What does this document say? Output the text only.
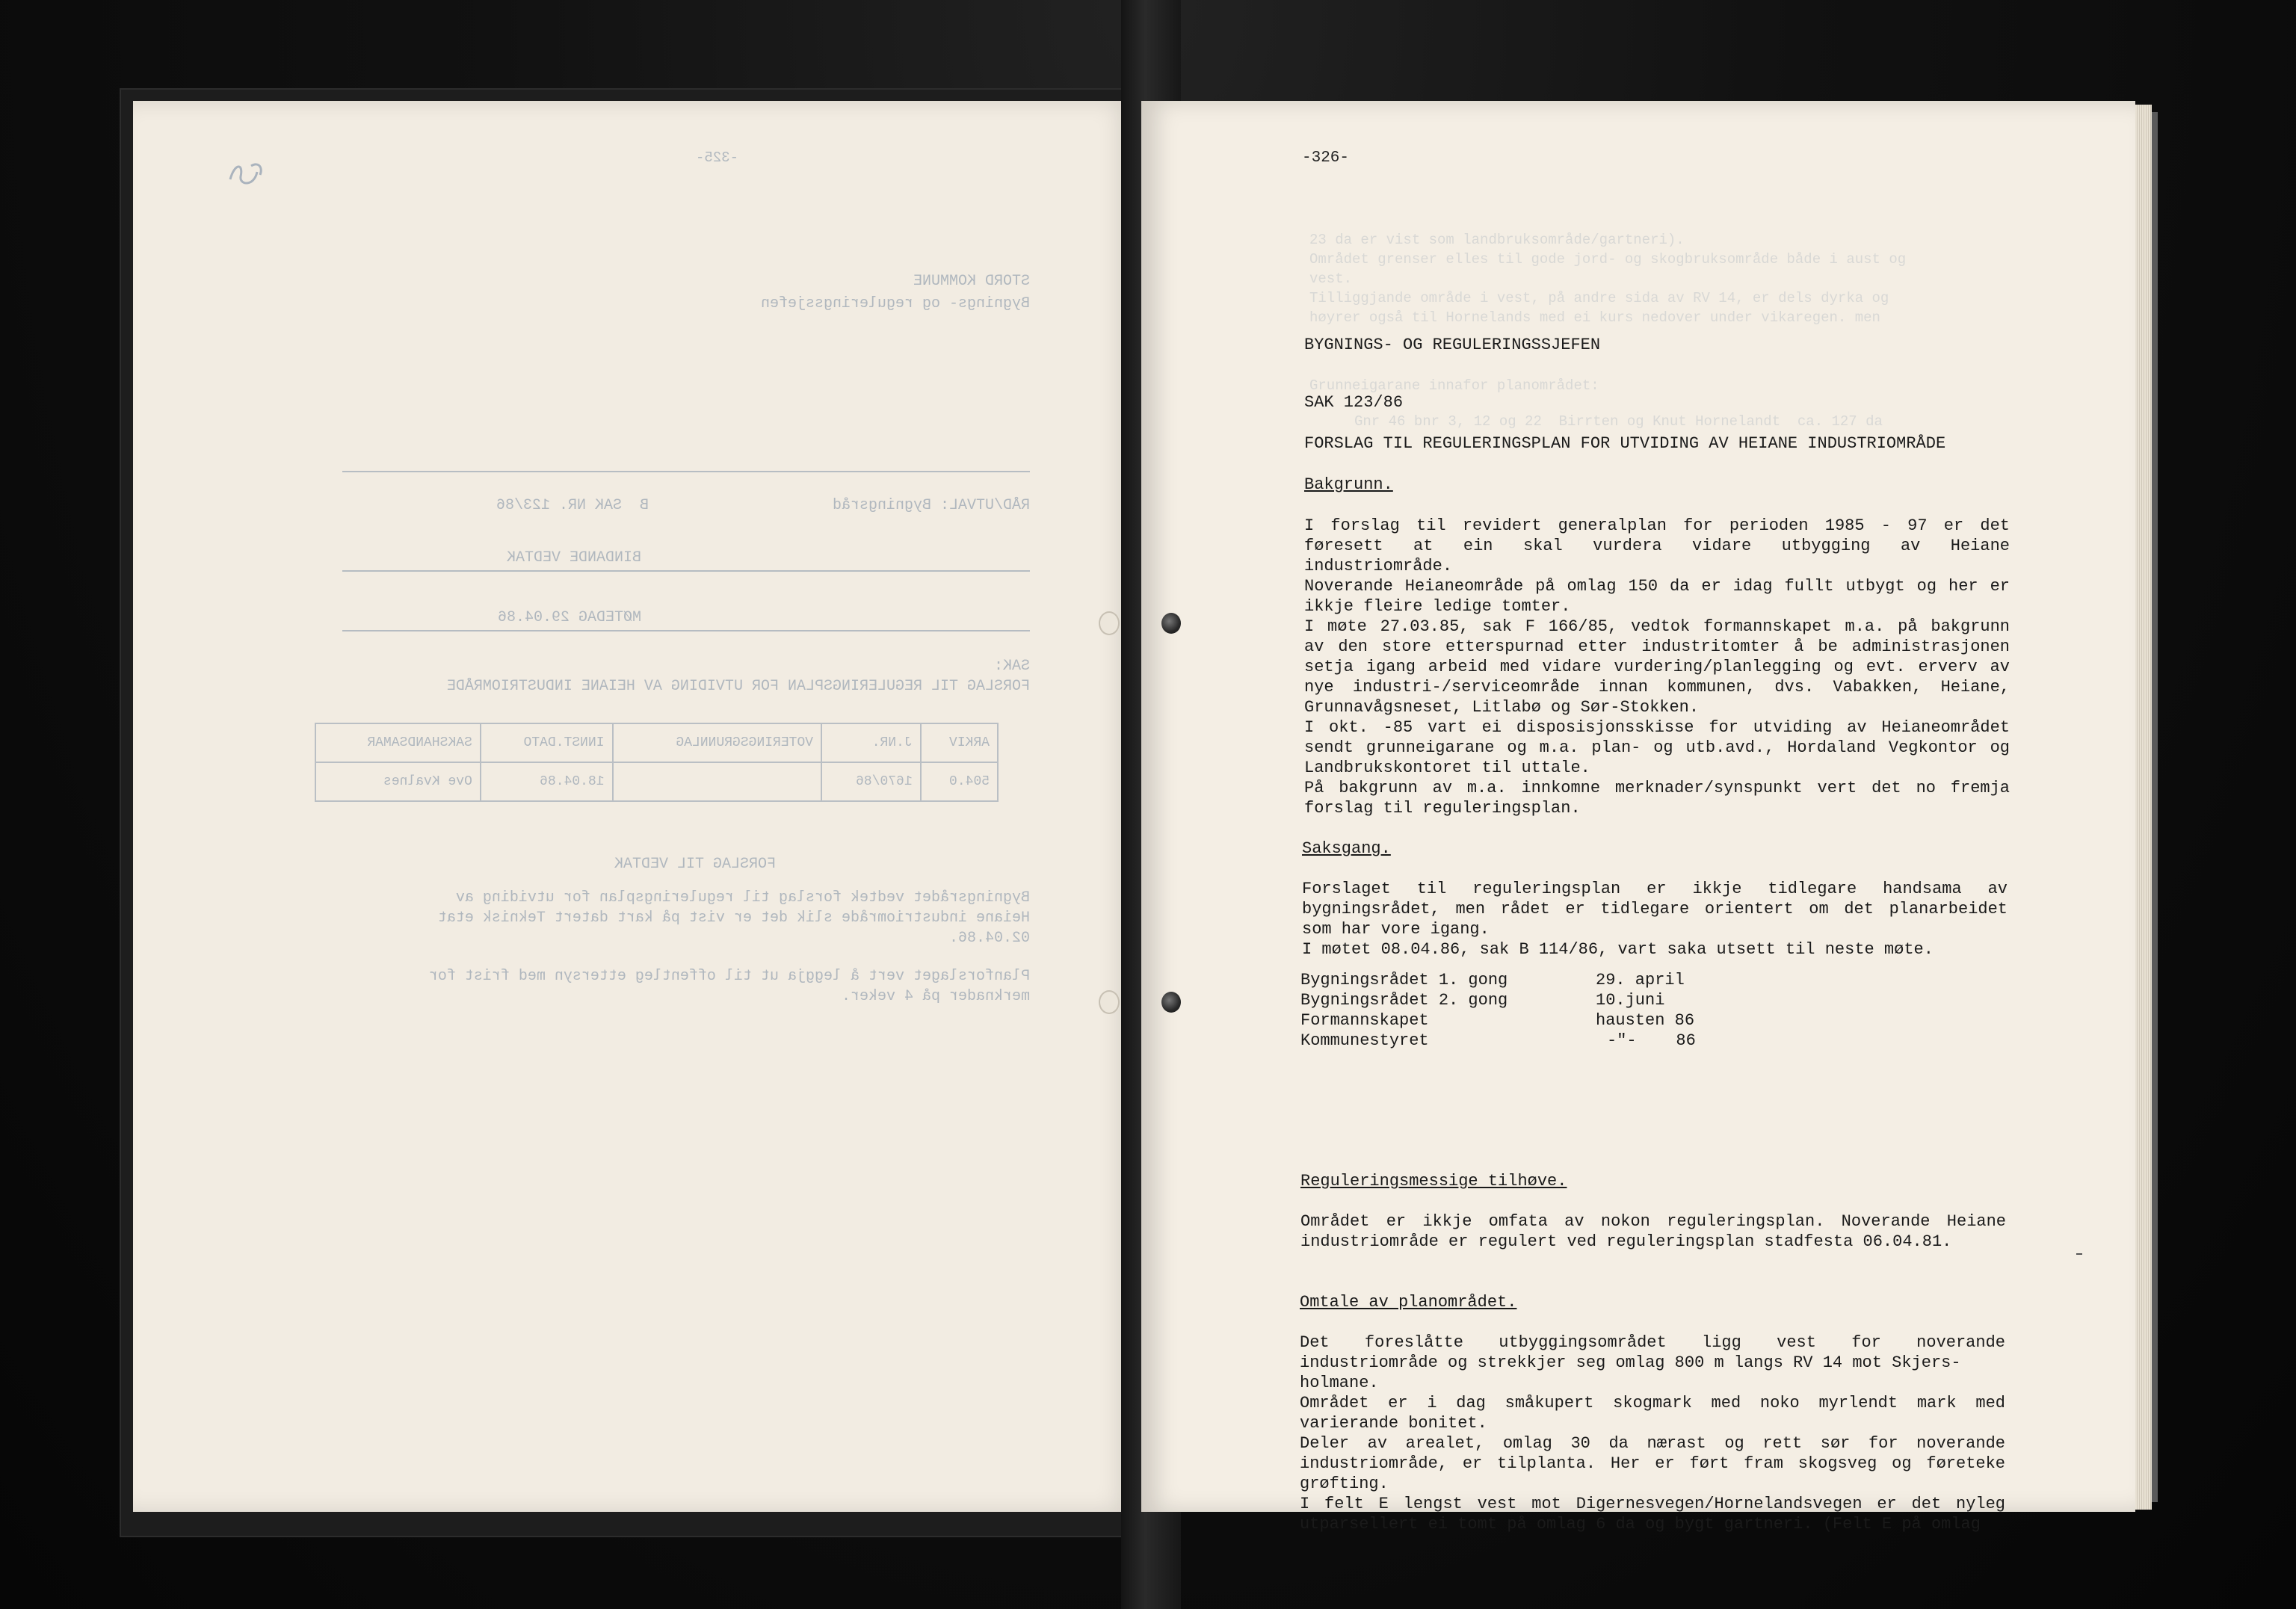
-325-
STORD KOMMUNE
Bygnings- og reguleringssjefen
RÅD/UTVAL: Bygningsråd
B  SAK NR. 123/86
BINDANDE VEDTAK
MØTEDAG 29.04.86
SAK:
FORSLAG TIL REGULERINGSPLAN FOR UTVIDING AV HEIANE INDUSTRIOMRÅDE
ARKIV	J.NR.	VOTERINGSGRUNNLAG	INNST.DATO	SAKSHANDSAMAR
504.0	1670/86		18.04.86	Ove Kvalnes
FORSLAG TIL VEDTAK
Bygningsrådet vedtek forslag til reguleringsplan for utviding av
Heiane industriområde slik det er vist på kart datert Teknisk etat
02.04.86.
Planforslaget vert å leggja ut til offentleg ettersyn med frist for
merknader på 4 veker.
23 da er vist som landbruksområde/gartneri).
Området grenser elles til gode jord- og skogbruksområde både i aust og
vest.
Tilliggjande område i vest, på andre sida av RV 14, er dels dyrka og
høyrer også til Hornelands med ei kurs nedover under vikaregen. men
Grunneigarane innafor planområdet:
Gnr 46 bnr 3, 12 og 22  Birrten og Knut Hornelandt  ca. 127 da
-326-
BYGNINGS- OG REGULERINGSSJEFEN
SAK 123/86
FORSLAG TIL REGULERINGSPLAN FOR UTVIDING AV HEIANE INDUSTRIOMRÅDE
Bakgrunn.
I forslag til revidert generalplan for perioden 1985 - 97 er det
føresett at ein skal vurdera vidare utbygging av Heiane
industriområde.
Noverande Heianeområde på omlag 150 da er idag fullt utbygt og her er
ikkje fleire ledige tomter.
I møte 27.03.85, sak F 166/85, vedtok formannskapet m.a. på bakgrunn
av den store etterspurnad etter industritomter å be administrasjonen
setja igang arbeid med vidare vurdering/planlegging og evt. erverv av
nye industri-/serviceområde innan kommunen, dvs. Vabakken, Heiane,
Grunnavågsneset, Litlabø og Sør-Stokken.
I okt. -85 vart ei disposisjonsskisse for utviding av Heianeområdet
sendt grunneigarane og m.a. plan- og utb.avd., Hordaland Vegkontor og
Landbrukskontoret til uttale.
På bakgrunn av m.a. innkomne merknader/synspunkt vert det no fremja
forslag til reguleringsplan.
Saksgang.
Forslaget til reguleringsplan er ikkje tidlegare handsama av
bygningsrådet, men rådet er tidlegare orientert om det planarbeidet
som har vore igang.
I møtet 08.04.86, sak B 114/86, vart saka utsett til neste møte.
Bygningsrådet 1. gong	29. april
Bygningsrådet 2. gong	10.juni
Formannskapet	hausten 86
Kommunestyret	-"-    86
Reguleringsmessige tilhøve.
Området er ikkje omfata av nokon reguleringsplan. Noverande Heiane
industriområde er regulert ved reguleringsplan stadfesta 06.04.81.
Omtale av planområdet.
Det foreslåtte utbyggingsområdet ligg vest for noverande
industriområde og strekkjer seg omlag 800 m langs RV 14 mot Skjers-
holmane.
Området er i dag småkupert skogmark med noko myrlendt mark med
varierande bonitet.
Deler av arealet, omlag 30 da nærast og rett sør for noverande
industriområde, er tilplanta. Her er ført fram skogsveg og føreteke
grøfting.
I felt E lengst vest mot Digernesvegen/Hornelandsvegen er det nyleg
utparsellert ei tomt på omlag 6 da og bygt gartneri. (Felt E på omlag
